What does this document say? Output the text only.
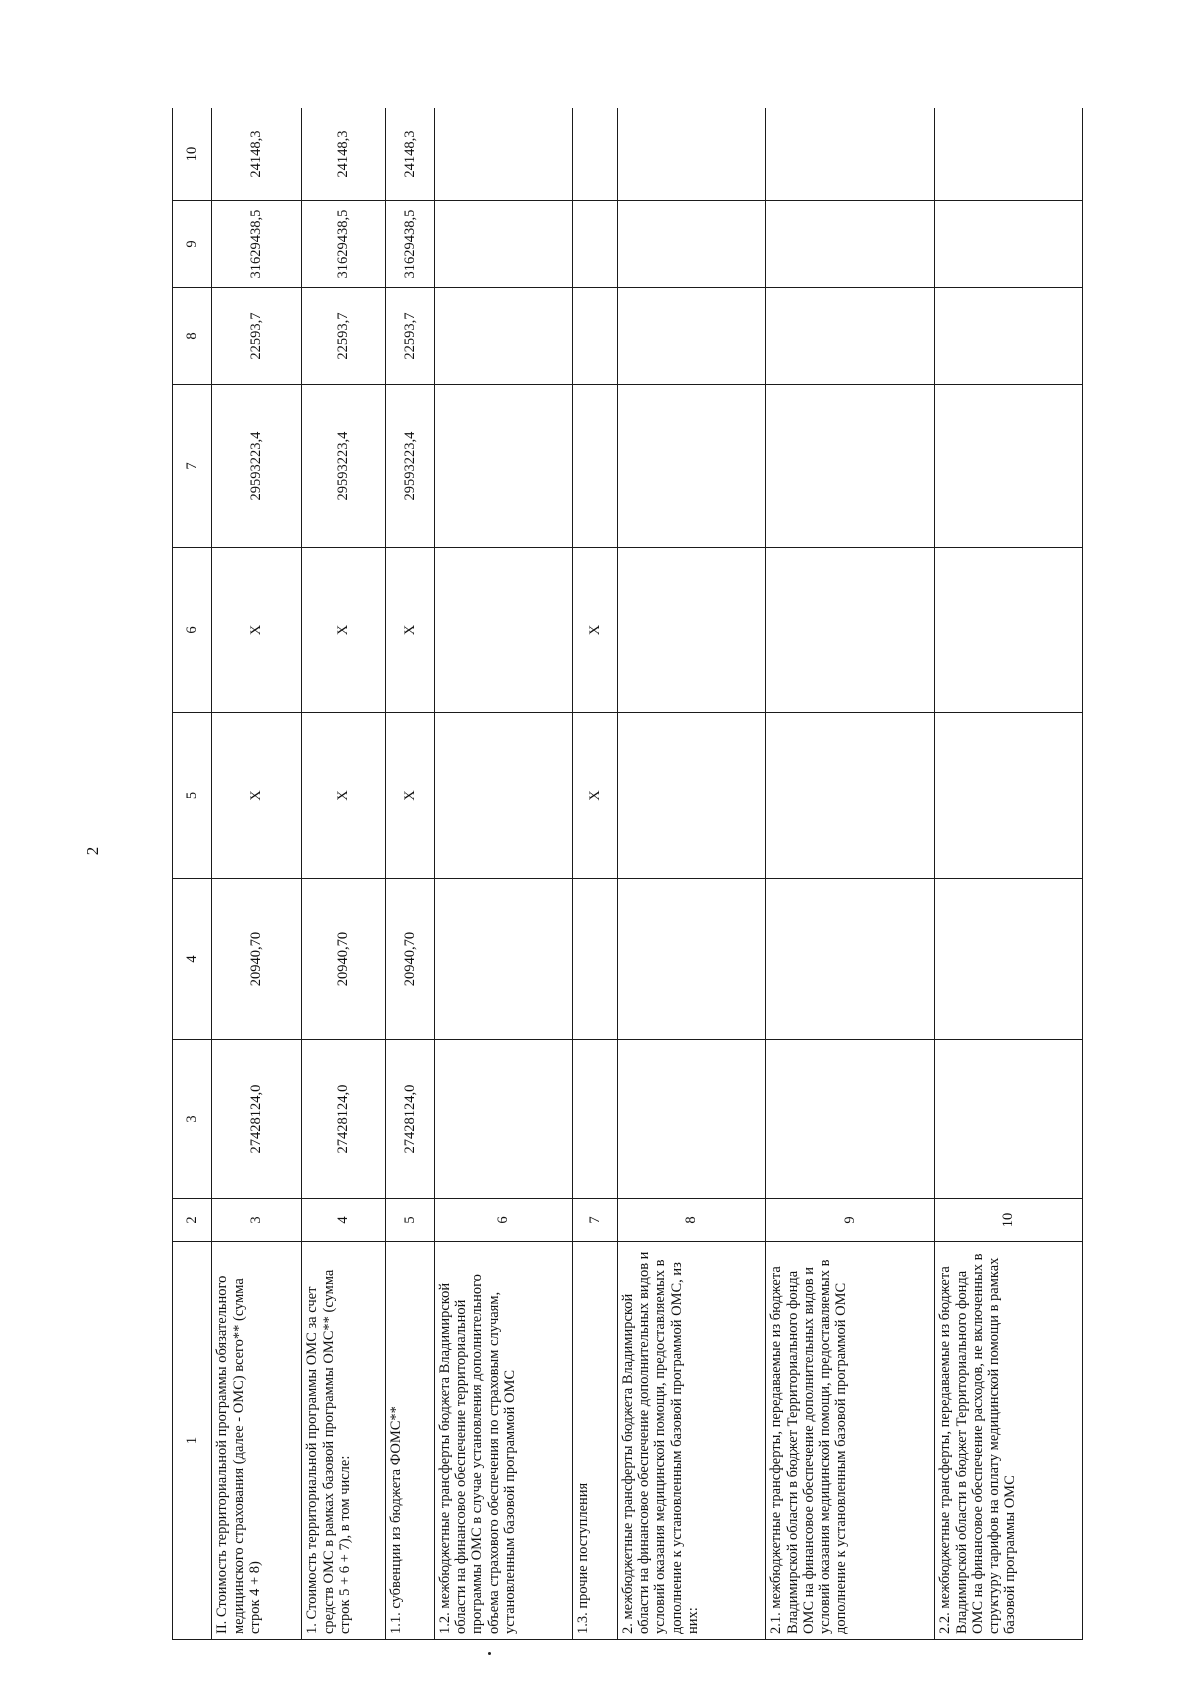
2
1	2	3	4	5	6	7	8	9	10
II. Стоимость территориальной программы обязательного медицинского страхования (далее - ОМС) всего** (сумма строк 4 + 8)	3	27428124,0	20940,70	X	X	29593223,4	22593,7	31629438,5	24148,3
1. Стоимость территориальной программы ОМС за счет средств ОМС в рамках базовой программы ОМС** (сумма строк 5 + 6 + 7), в том числе:	4	27428124,0	20940,70	X	X	29593223,4	22593,7	31629438,5	24148,3
1.1. субвенции из бюджета ФОМС**	5	27428124,0	20940,70	X	X	29593223,4	22593,7	31629438,5	24148,3
1.2. межбюджетные трансферты бюджета Владимирской области на финансовое обеспечение территориальной программы ОМС в случае установления дополнительного объема страхового обеспечения по страховым случаям, установленным базовой программой ОМС	6								
1.3. прочие поступления	7			X	X				
2. межбюджетные трансферты бюджета Владимирской области на финансовое обеспечение дополнительных видов и условий оказания медицинской помощи, предоставляемых в дополнение к установленным базовой программой ОМС, из них:	8								
2.1. межбюджетные трансферты, передаваемые из бюджета Владимирской области в бюджет Территориального фонда ОМС на финансовое обеспечение дополнительных видов и условий оказания медицинской помощи, предоставляемых в дополнение к установленным базовой программой ОМС	9								
2.2. межбюджетные трансферты, передаваемые из бюджета Владимирской области в бюджет Территориального фонда ОМС на финансовое обеспечение расходов, не включенных в структуру тарифов на оплату медицинской помощи в рамках базовой программы ОМС	10								
